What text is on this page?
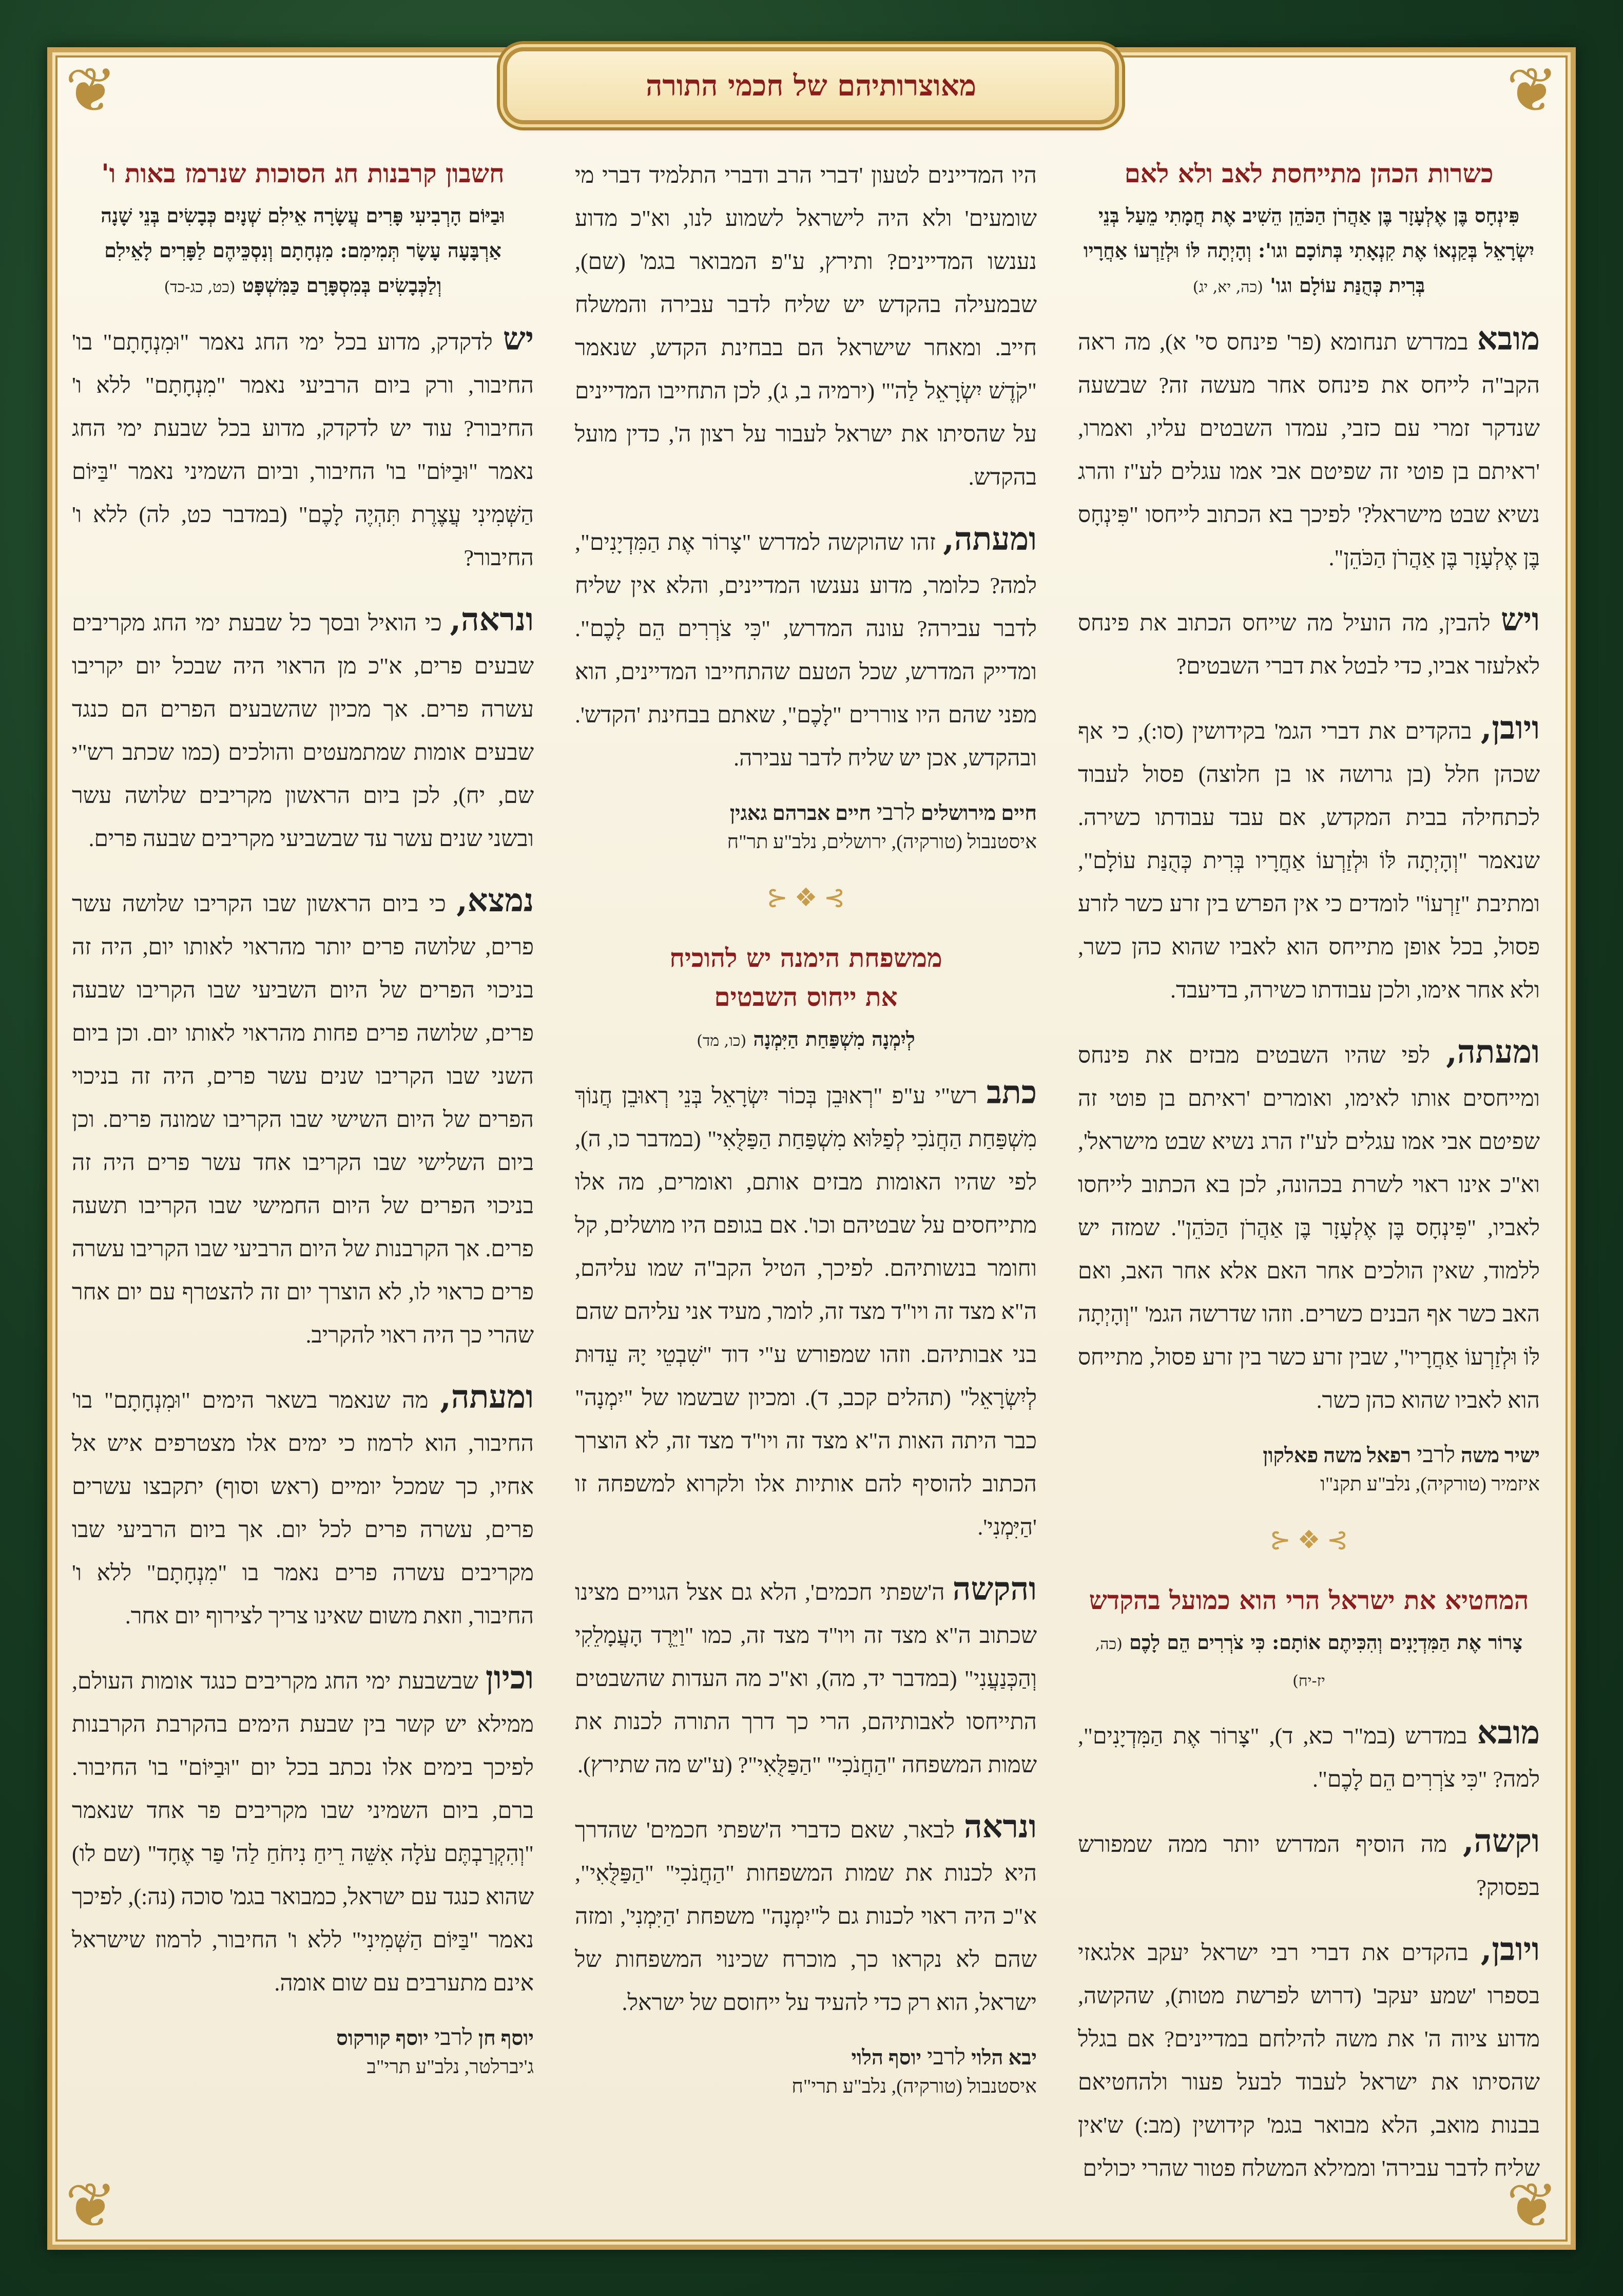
❦	❦
❦	❦
מאוצרותיהם של חכמי התורה
כשרות הכהן מתייחסת לאב ולא לאם
פִּינְחָס בֶּן אֶלְעָזָר בֶּן אַהֲרֹן הַכֹּהֵן הֵשִׁיב אֶת חֲמָתִי מֵעַל בְּנֵי יִשְׂרָאֵל בְּקַנְאוֹ אֶת קִנְאָתִי בְּתוֹכָם וגו': וְהָיְתָה לּוֹ וּלְזַרְעוֹ אַחֲרָיו בְּרִית כְּהֻנַּת עוֹלָם וגו' (כה, יא, יג)

מובא במדרש תנחומא (פר' פינחס סי' א), מה ראה הקב"ה לייחס את פינחס אחר מעשה זה? שבשעה שנדקר זמרי עם כזבי, עמדו השבטים עליו, ואמרו, 'ראיתם בן פוטי זה שפיטם אבי אמו עגלים לע"ז והרג נשיא שבט מישראל?' לפיכך בא הכתוב לייחסו "פִּינְחָס בֶּן אֶלְעָזָר בֶּן אַהֲרֹן הַכֹּהֵן".

ויש להבין, מה הועיל מה שייחס הכתוב את פינחס לאלעזר אביו, כדי לבטל את דברי השבטים?

ויובן, בהקדים את דברי הגמ' בקידושין (סו:), כי אף שכהן חלל (בן גרושה או בן חלוצה) פסול לעבוד לכתחילה בבית המקדש, אם עבד עבודתו כשירה. שנאמר "וְהָיְתָה לּוֹ וּלְזַרְעוֹ אַחֲרָיו בְּרִית כְּהֻנַּת עוֹלָם", ומתיבת "זַרְעוֹ" לומדים כי אין הפרש בין זרע כשר לזרע פסול, בכל אופן מתייחס הוא לאביו שהוא כהן כשר, ולא אחר אימו, ולכן עבודתו כשירה, בדיעבד.

ומעתה, לפי שהיו השבטים מבזים את פינחס ומייחסים אותו לאימו, ואומרים 'ראיתם בן פוטי זה שפיטם אבי אמו עגלים לע"ז הרג נשיא שבט מישראל', וא"כ אינו ראוי לשרת בכהונה, לכן בא הכתוב לייחסו לאביו, "פִּינְחָס בֶּן אֶלְעָזָר בֶּן אַהֲרֹן הַכֹּהֵן". שמזה יש ללמוד, שאין הולכים אחר האם אלא אחר האב, ואם האב כשר אף הבנים כשרים. וזהו שדרשה הגמ' "וְהָיְתָה לּוֹ וּלְזַרְעוֹ אַחֲרָיו", שבין זרע כשר בין זרע פסול, מתייחס הוא לאביו שהוא כהן כשר.

ישיר משה לרבי רפאל משה פאלקון
איזמיר (טורקיה), נלב"ע תקנ"ו
⊱ ❖ ⊰
המחטיא את ישראל הרי הוא כמועל בהקדש
צָרוֹר אֶת הַמִּדְיָנִים וְהִכִּיתֶם אוֹתָם: כִּי צֹרְרִים הֵם לָכֶם (כה, יז-יח)

מובא במדרש (במ"ר כא, ד), "צָרוֹר אֶת הַמִּדְיָנִים", למה? "כִּי צֹרְרִים הֵם לָכֶם".

וקשה, מה הוסיף המדרש יותר ממה שמפורש בפסוק?

ויובן, בהקדים את דברי רבי ישראל יעקב אלגאזי בספרו 'שמע יעקב' (דרוש לפרשת מטות), שהקשה, מדוע ציוה ה' את משה להילחם במדיינים? אם בגלל שהסיתו את ישראל לעבוד לבעל פעור ולהחטיאם בבנות מואב, הלא מבואר בגמ' קידושין (מב:) ש'אין שליח לדבר עבירה' וממילא המשלח פטור שהרי יכולים

היו המדיינים לטעון 'דברי הרב ודברי התלמיד דברי מי שומעים' ולא היה לישראל לשמוע לנו, וא"כ מדוע נענשו המדיינים? ותירץ, ע"פ המבואר בגמ' (שם), שבמעילה בהקדש יש שליח לדבר עבירה והמשלח חייב. ומאחר שישראל הם בבחינת הקדש, שנאמר "קֹדֶשׁ יִשְׂרָאֵל לַה'" (ירמיה ב, ג), לכן התחייבו המדיינים על שהסיתו את ישראל לעבור על רצון ה', כדין מועל בהקדש.

ומעתה, זהו שהוקשה למדרש "צָרוֹר אֶת הַמִּדְיָנִים", למה? כלומר, מדוע נענשו המדיינים, והלא אין שליח לדבר עבירה? עונה המדרש, "כִּי צֹרְרִים הֵם לָכֶם". ומדייק המדרש, שכל הטעם שהתחייבו המדיינים, הוא מפני שהם היו צוררים "לָכֶם", שאתם בבחינת 'הקדש'. ובהקדש, אכן יש שליח לדבר עבירה.

חיים מירושלים לרבי חיים אברהם גאגין
איסטנבול (טורקיה), ירושלים, נלב"ע תר"ח
⊱ ❖ ⊰
ממשפחת הימנה יש להוכיח
את ייחוס השבטים
לְיִמְנָה מִשְׁפַּחַת הַיִּמְנָה (כו, מד)

כתב רש"י ע"פ "רְאוּבֵן בְּכוֹר יִשְׂרָאֵל בְּנֵי רְאוּבֵן חֲנוֹךְ מִשְׁפַּחַת הַחֲנֹכִי לְפַלּוּא מִשְׁפַּחַת הַפַּלֻּאִי" (במדבר כו, ה), לפי שהיו האומות מבזים אותם, ואומרים, מה אלו מתייחסים על שבטיהם וכו'. אם בגופם היו מושלים, קל וחומר בנשותיהם. לפיכך, הטיל הקב"ה שמו עליהם, ה"א מצד זה ויו"ד מצד זה, לומר, מעיד אני עליהם שהם בני אבותיהם. וזהו שמפורש ע"י דוד "שִׁבְטֵי יָהּ עֵדוּת לְיִשְׂרָאֵל" (תהלים קכב, ד). ומכיון שבשמו של "יִמְנָה" כבר היתה האות ה"א מצד זה ויו"ד מצד זה, לא הוצרך הכתוב להוסיף להם אותיות אלו ולקרוא למשפחה זו 'הַיִּמְנִי'.

והקשה ה'שפתי חכמים', הלא גם אצל הגויים מצינו שכתוב ה"א מצד זה ויו"ד מצד זה, כמו "וַיֵּרֶד הָעֲמָלֵקִי וְהַכְּנַעֲנִי" (במדבר יד, מה), וא"כ מה העדות שהשבטים התייחסו לאבותיהם, הרי כך דרך התורה לכנות את שמות המשפחה "הַחֲנֹכִי" "הַפַּלֻּאִי"? (ע"ש מה שתירץ).

ונראה לבאר, שאם כדברי ה'שפתי חכמים' שהדרך היא לכנות את שמות המשפחות "הַחֲנֹכִי" "הַפַּלֻּאִי", א"כ היה ראוי לכנות גם ל"יִמְנָה" משפחת 'הַיִּמְנִי', ומזה שהם לא נקראו כך, מוכרח שכינוי המשפחות של ישראל, הוא רק כדי להעיד על ייחוסם של ישראל.

יבא הלוי לרבי יוסף הלוי
איסטנבול (טורקיה), נלב"ע תרי"ח
חשבון קרבנות חג הסוכות שנרמז באות ו'
וּבַיּוֹם הָרְבִיעִי פָּרִים עֲשָׂרָה אֵילִם שְׁנָיִם כְּבָשִׂים בְּנֵי שָׁנָה אַרְבָּעָה עָשָׂר תְּמִימִם: מִנְחָתָם וְנִסְכֵּיהֶם לַפָּרִים לָאֵילִם וְלַכְּבָשִׂים בְּמִסְפָּרָם כַּמִּשְׁפָּט (כט, כג-כד)

יש לדקדק, מדוע בכל ימי החג נאמר "וּמִנְחָתָם" בו' החיבור, ורק ביום הרביעי נאמר "מִנְחָתָם" ללא ו' החיבור? עוד יש לדקדק, מדוע בכל שבעת ימי החג נאמר "וּבַיּוֹם" בו' החיבור, וביום השמיני נאמר "בַּיּוֹם הַשְּׁמִינִי עֲצֶרֶת תִּהְיֶה לָכֶם" (במדבר כט, לה) ללא ו' החיבור?

ונראה, כי הואיל ובסך כל שבעת ימי החג מקריבים שבעים פרים, א"כ מן הראוי היה שבכל יום יקריבו עשרה פרים. אך מכיון שהשבעים הפרים הם כנגד שבעים אומות שמתמעטים והולכים (כמו שכתב רש"י שם, יח), לכן ביום הראשון מקריבים שלושה עשר ובשני שנים עשר עד שבשביעי מקריבים שבעה פרים.

נמצא, כי ביום הראשון שבו הקריבו שלושה עשר פרים, שלושה פרים יותר מהראוי לאותו יום, היה זה בניכוי הפרים של היום השביעי שבו הקריבו שבעה פרים, שלושה פרים פחות מהראוי לאותו יום. וכן ביום השני שבו הקריבו שנים עשר פרים, היה זה בניכוי הפרים של היום השישי שבו הקריבו שמונה פרים. וכן ביום השלישי שבו הקריבו אחד עשר פרים היה זה בניכוי הפרים של היום החמישי שבו הקריבו תשעה פרים. אך הקרבנות של היום הרביעי שבו הקריבו עשרה פרים כראוי לו, לא הוצרך יום זה להצטרף עם יום אחר שהרי כך היה ראוי להקריב.

ומעתה, מה שנאמר בשאר הימים "וּמִנְחָתָם" בו' החיבור, הוא לרמוז כי ימים אלו מצטרפים איש אל אחיו, כך שמכל יומיים (ראש וסוף) יתקבצו עשרים פרים, עשרה פרים לכל יום. אך ביום הרביעי שבו מקריבים עשרה פרים נאמר בו "מִנְחָתָם" ללא ו' החיבור, וזאת משום שאינו צריך לצירוף יום אחר.

וכיון שבשבעת ימי החג מקריבים כנגד אומות העולם, ממילא יש קשר בין שבעת הימים בהקרבת הקרבנות לפיכך בימים אלו נכתב בכל יום "וּבַיּוֹם" בו' החיבור. ברם, ביום השמיני שבו מקריבים פר אחד שנאמר "וְהִקְרַבְתֶּם עֹלָה אִשֵּׁה רֵיחַ נִיחֹחַ לַה' פַּר אֶחָד" (שם לו) שהוא כנגד עם ישראל, כמבואר בגמ' סוכה (נה:), לפיכך נאמר "בַּיּוֹם הַשְּׁמִינִי" ללא ו' החיבור, לרמוז שישראל אינם מתערבים עם שום אומה.

יוסף חן לרבי יוסף קורקוס
ג'יברלטר, נלב"ע תרי"ב
